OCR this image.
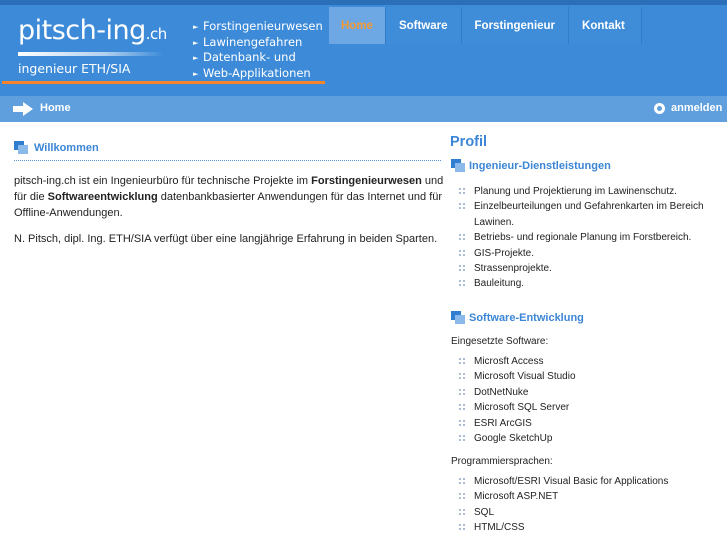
pitsch-ing.ch
ingenieur ETH/SIA
► Forstingenieurwesen
► Lawinengefahren
► Datenbank- und
► Web-Applikationen
Home	Software	Forstingenieur	Kontakt
Home	anmelden
Willkommen
pitsch-ing.ch ist ein Ingenieurbüro für technische Projekte im Forstingenieurwesen und für die Softwareentwicklung datenbankbasierter Anwendungen für das Internet und für Offline-Anwendungen.
N. Pitsch, dipl. Ing. ETH/SIA verfügt über eine langjährige Erfahrung in beiden Sparten.
Profil
Ingenieur-Dienstleistungen
Planung und Projektierung im Lawinenschutz.
Einzelbeurteilungen und Gefahrenkarten im Bereich Lawinen.
Betriebs- und regionale Planung im Forstbereich.
GIS-Projekte.
Strassenprojekte.
Bauleitung.
Software-Entwicklung
Eingesetzte Software:
Microsft Access
Microsoft Visual Studio
DotNetNuke
Microsoft SQL Server
ESRI ArcGIS
Google SketchUp
Programmiersprachen:
Microsoft/ESRI Visual Basic for Applications
Microsoft ASP.NET
SQL
HTML/CSS
